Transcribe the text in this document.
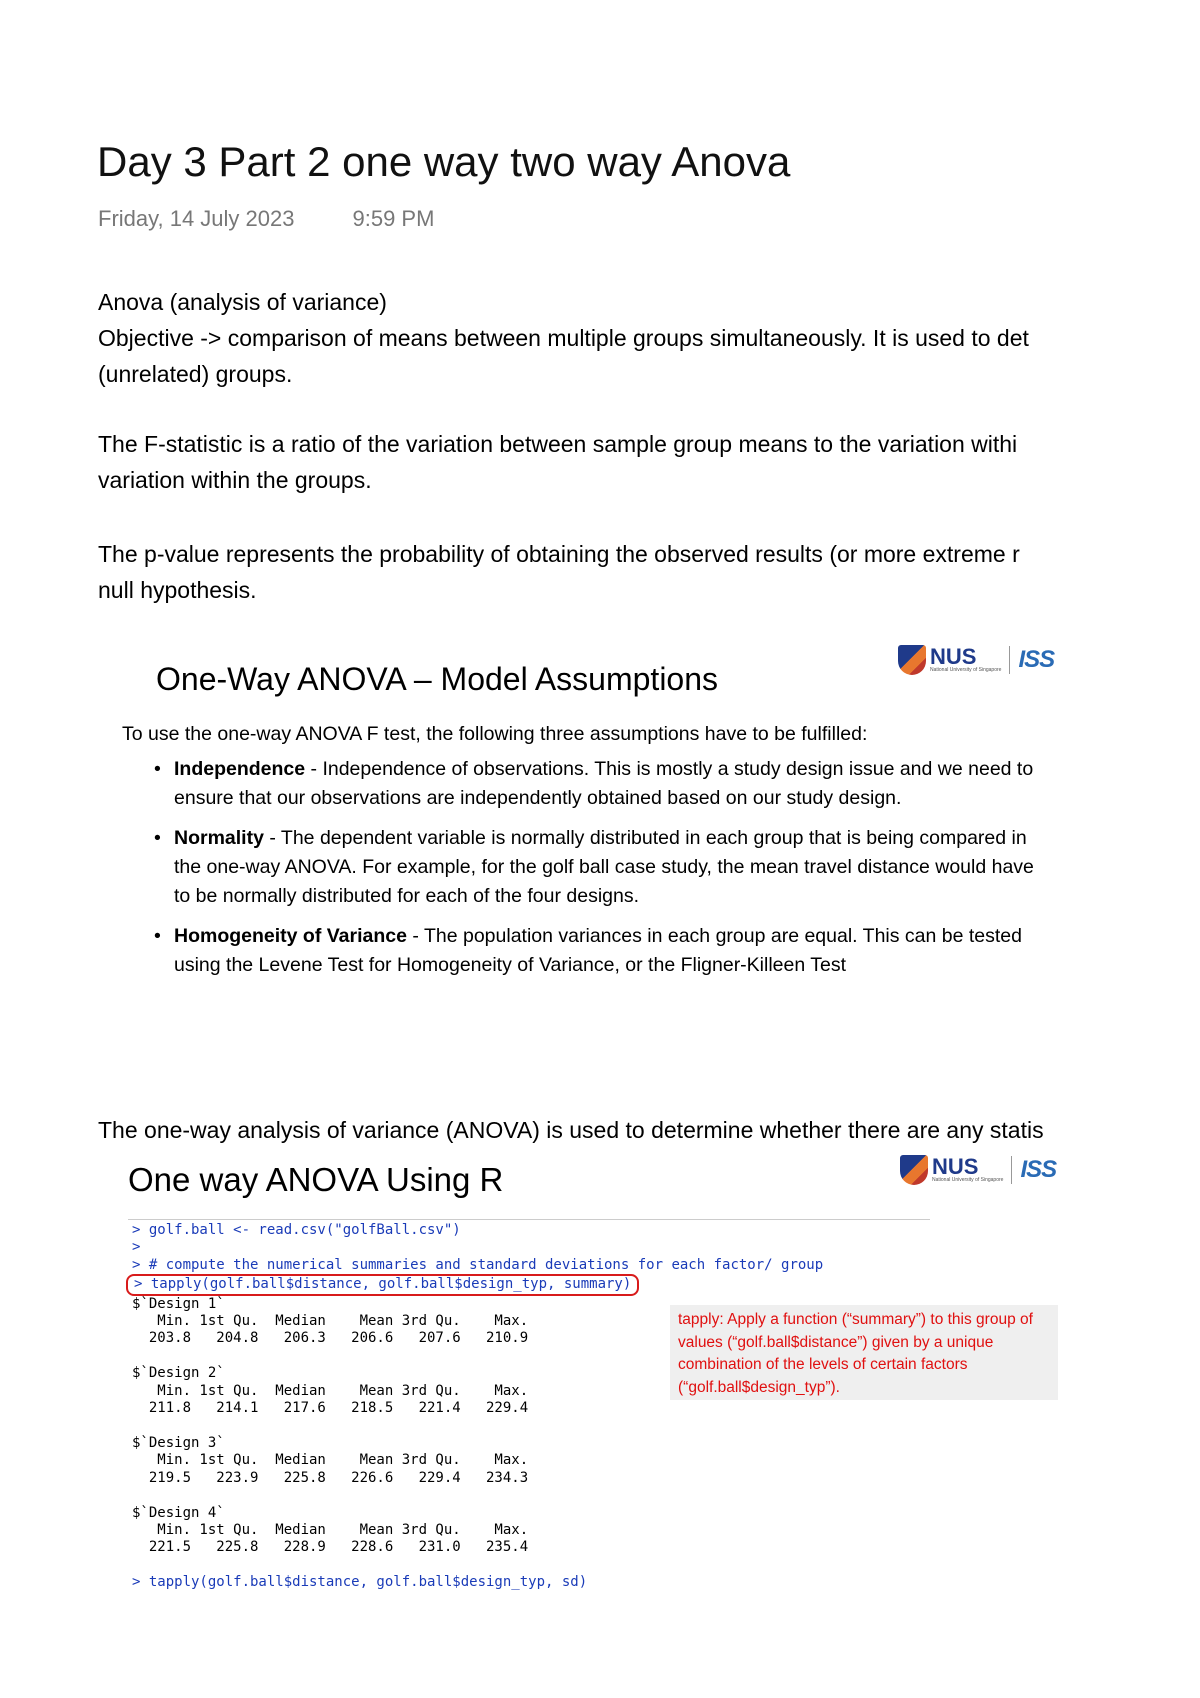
Day 3 Part 2 one way two way Anova
Friday, 14 July 2023	9:59 PM
Anova (analysis of variance)
Objective -> comparison of means between multiple groups simultaneously. It is used to det
(unrelated) groups.
The F-statistic is a ratio of the variation between sample group means to the variation withi
variation within the groups.
The p-value represents the probability of obtaining the observed results (or more extreme r
null hypothesis.
NUS
National University of Singapore ISS
One-Way ANOVA – Model Assumptions
To use the one-way ANOVA F test, the following three assumptions have to be fulfilled:
• Independence - Independence of observations. This is mostly a study design issue and we need to ensure that our observations are independently obtained based on our study design.
• Normality - The dependent variable is normally distributed in each group that is being compared in the one-way ANOVA. For example, for the golf ball case study, the mean travel distance would have to be normally distributed for each of the four designs.
• Homogeneity of Variance - The population variances in each group are equal. This can be tested using the Levene Test for Homogeneity of Variance, or the Fligner-Killeen Test
The one-way analysis of variance (ANOVA) is used to determine whether there are any statis
One way ANOVA Using R	NUS
National University of Singapore ISS
> golf.ball <- read.csv("golfBall.csv")
>
> # compute the numerical summaries and standard deviations for each factor/ group
> tapply(golf.ball$distance, golf.ball$design_typ, summary)
$`Design 1`
Min. 1st Qu.  Median    Mean 3rd Qu.    Max.
203.8   204.8   206.3   206.6   207.6   210.9

$`Design 2`
Min. 1st Qu.  Median    Mean 3rd Qu.    Max.
211.8   214.1   217.6   218.5   221.4   229.4

$`Design 3`
Min. 1st Qu.  Median    Mean 3rd Qu.    Max.
219.5   223.9   225.8   226.6   229.4   234.3

$`Design 4`
Min. 1st Qu.  Median    Mean 3rd Qu.    Max.
221.5   225.8   228.9   228.6   231.0   235.4

> tapply(golf.ball$distance, golf.ball$design_typ, sd)
tapply: Apply a function (“summary”) to this group of values (“golf.ball$distance”) given by a unique combination of the levels of certain factors (“golf.ball$design_typ”).
